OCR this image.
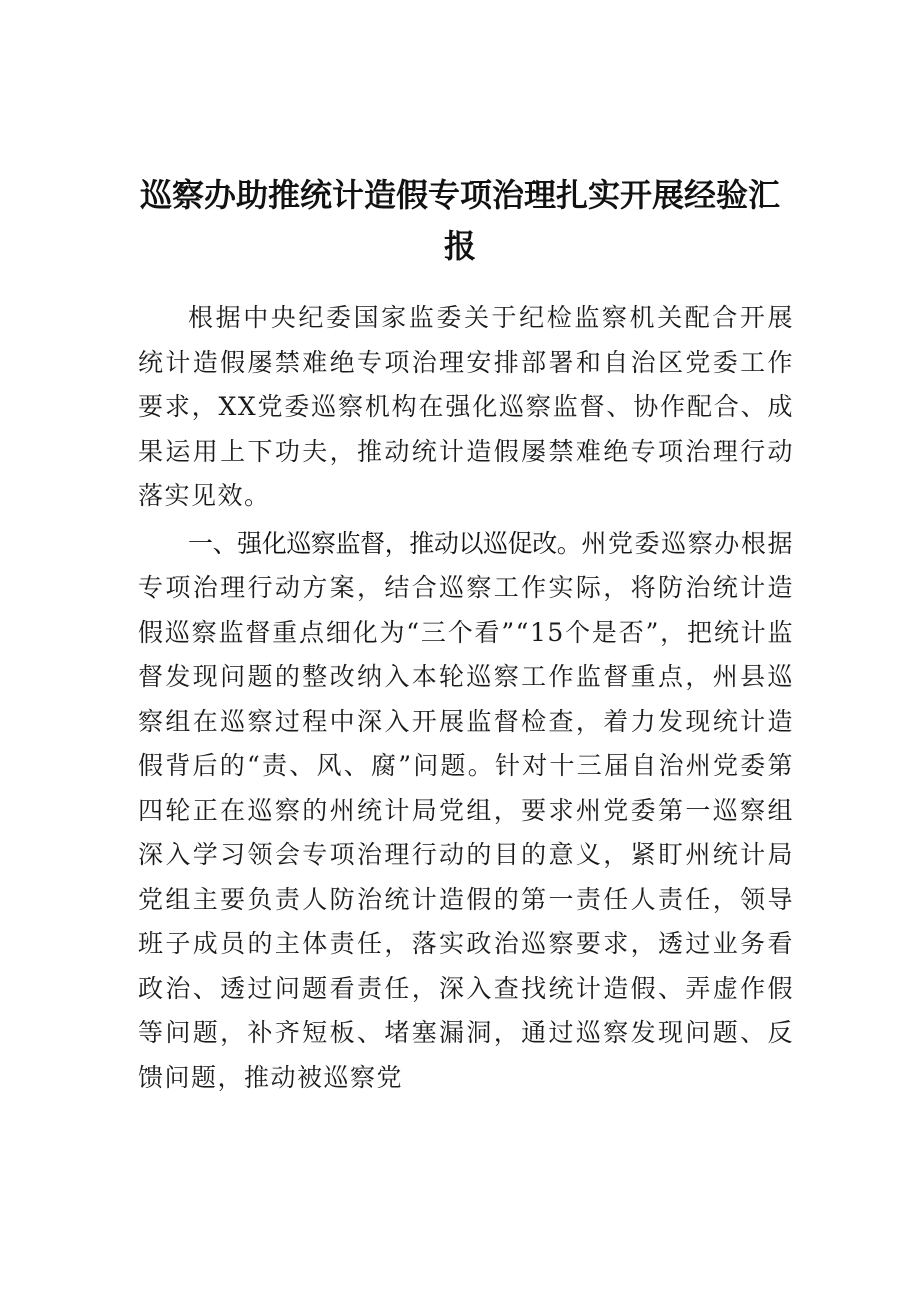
巡察办助推统计造假专项治理扎实开展经验汇报

根据中央纪委国家监委关于纪检监察机关配合开展统计造假屡禁难绝专项治理安排部署和自治区党委工作要求，XX党委巡察机构在强化巡察监督、协作配合、成果运用上下功夫，推动统计造假屡禁难绝专项治理行动落实见效。

一、强化巡察监督，推动以巡促改。州党委巡察办根据专项治理行动方案，结合巡察工作实际，将防治统计造假巡察监督重点细化为“三个看”“15个是否”，把统计监督发现问题的整改纳入本轮巡察工作监督重点，州县巡察组在巡察过程中深入开展监督检查，着力发现统计造假背后的“责、风、腐”问题。针对十三届自治州党委第四轮正在巡察的州统计局党组，要求州党委第一巡察组深入学习领会专项治理行动的目的意义，紧盯州统计局党组主要负责人防治统计造假的第一责任人责任，领导班子成员的主体责任，落实政治巡察要求，透过业务看政治、透过问题看责任，深入查找统计造假、弄虚作假等问题，补齐短板、堵塞漏洞，通过巡察发现问题、反馈问题，推动被巡察党
